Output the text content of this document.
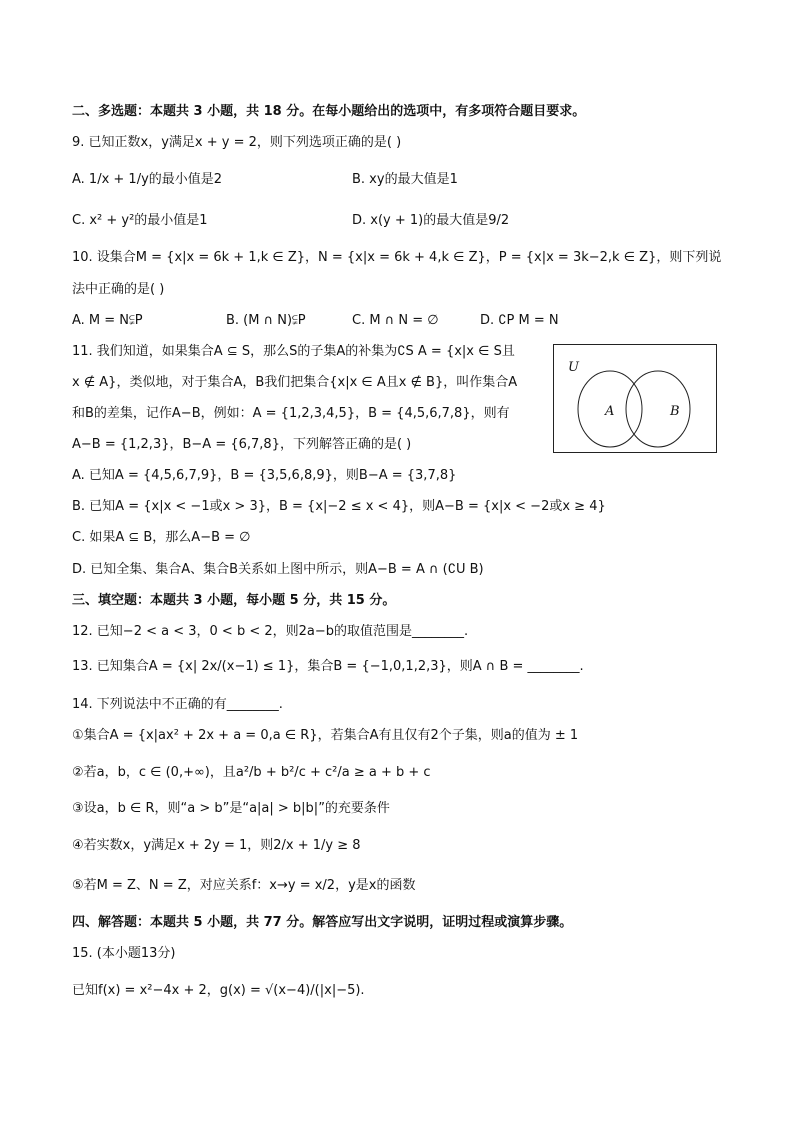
二、多选题：本题共 3 小题，共 18 分。在每小题给出的选项中，有多项符合题目要求。
9. 已知正数x，y满足x + y = 2，则下列选项正确的是( )
A. 1/x + 1/y的最小值是2	B. xy的最大值是1
C. x² + y²的最小值是1	D. x(y + 1)的最大值是9/2
10. 设集合M = {x|x = 6k + 1,k ∈ Z}，N = {x|x = 6k + 4,k ∈ Z}，P = {x|x = 3k−2,k ∈ Z}，则下列说
法中正确的是( )
A. M = N⫋P	B. (M ∩ N)⫋P	C. M ∩ N = ∅	D. ∁P M = N
11. 我们知道，如果集合A ⊆ S，那么S的子集A的补集为∁S A = {x|x ∈ S且
x ∉ A}，类似地，对于集合A，B我们把集合{x|x ∈ A且x ∉ B}，叫作集合A
和B的差集，记作A−B，例如：A = {1,2,3,4,5}，B = {4,5,6,7,8}，则有
A−B = {1,2,3}，B−A = {6,7,8}，下列解答正确的是( )
U
A	B
A. 已知A = {4,5,6,7,9}，B = {3,5,6,8,9}，则B−A = {3,7,8}
B. 已知A = {x|x < −1或x > 3}，B = {x|−2 ≤ x < 4}，则A−B = {x|x < −2或x ≥ 4}
C. 如果A ⊆ B，那么A−B = ∅
D. 已知全集、集合A、集合B关系如上图中所示，则A−B = A ∩ (∁U B)
三、填空题：本题共 3 小题，每小题 5 分，共 15 分。
12. 已知−2 < a < 3，0 < b < 2，则2a−b的取值范围是________.
13. 已知集合A = {x| 2x/(x−1) ≤ 1}，集合B = {−1,0,1,2,3}，则A ∩ B = ________.
14. 下列说法中不正确的有________.
①集合A = {x|ax² + 2x + a = 0,a ∈ R}，若集合A有且仅有2个子集，则a的值为 ± 1
②若a，b，c ∈ (0,+∞)，且a²/b + b²/c + c²/a ≥ a + b + c
③设a，b ∈ R，则“a > b”是“a|a| > b|b|”的充要条件
④若实数x，y满足x + 2y = 1，则2/x + 1/y ≥ 8
⑤若M = Z、N = Z，对应关系f：x→y = x/2，y是x的函数
四、解答题：本题共 5 小题，共 77 分。解答应写出文字说明，证明过程或演算步骤。
15. (本小题13分)
已知f(x) = x²−4x + 2，g(x) = √(x−4)/(|x|−5).
